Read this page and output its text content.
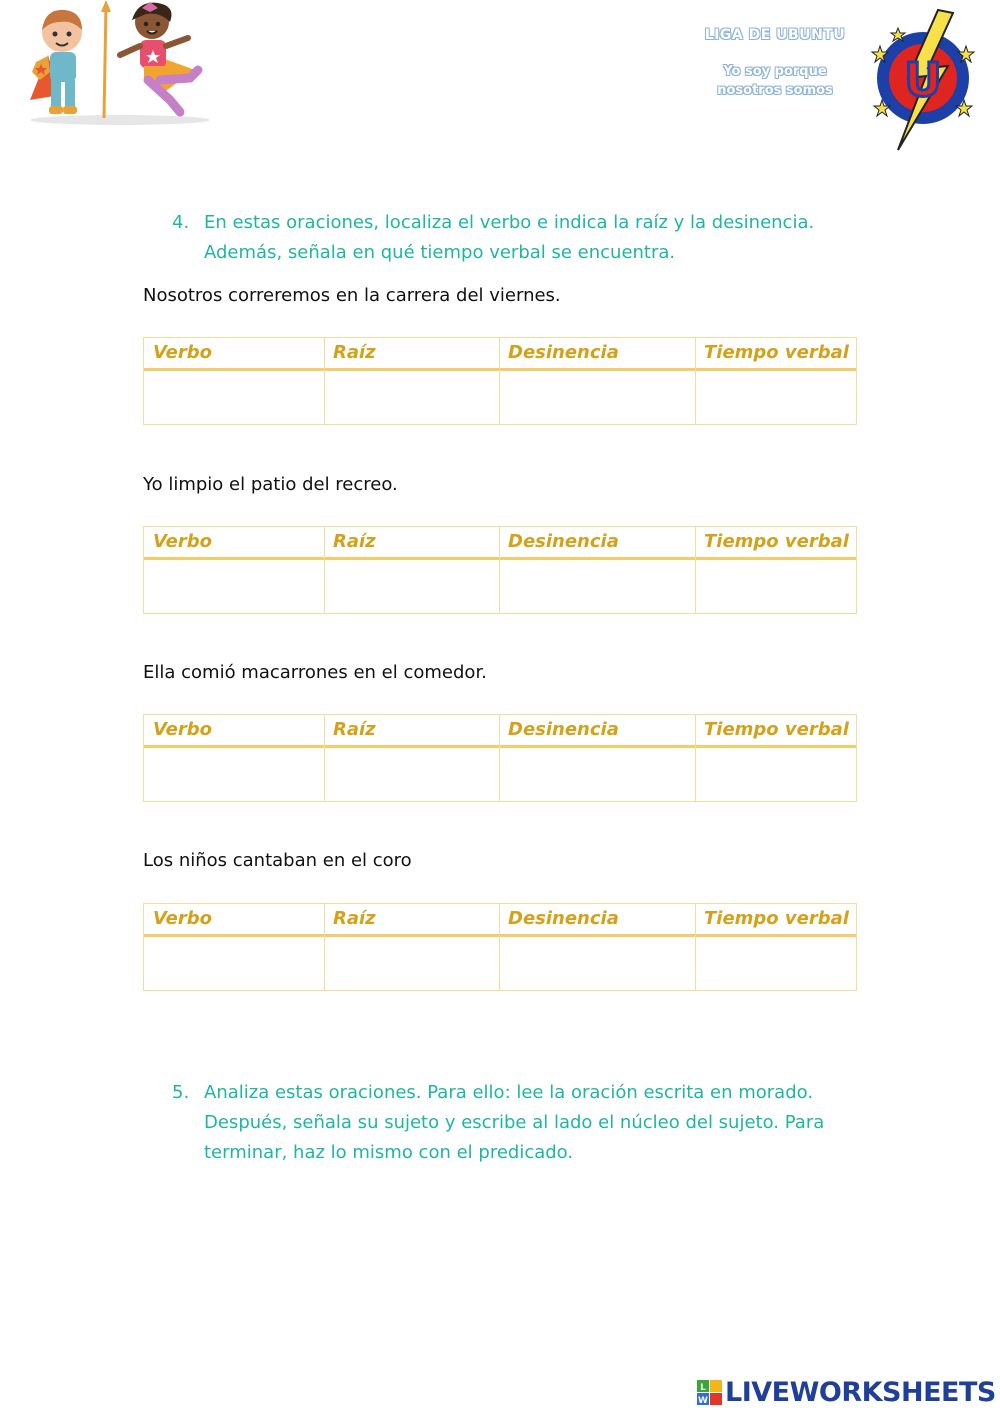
LIGA DE UBUNTU
Yo soy porque
nosotros somos	U
4. En estas oraciones, localiza el verbo e indica la raíz y la desinencia.
Además, señala en qué tiempo verbal se encuentra.
Nosotros correremos en la carrera del viernes.
Verbo	Raíz	Desinencia	Tiempo verbal
Yo limpio el patio del recreo.
Verbo	Raíz	Desinencia	Tiempo verbal
Ella comió macarrones en el comedor.
Verbo	Raíz	Desinencia	Tiempo verbal
Los niños cantaban en el coro
Verbo	Raíz	Desinencia	Tiempo verbal
5. Analiza estas oraciones. Para ello: lee la oración escrita en morado.
Después, señala su sujeto y escribe al lado el núcleo del sujeto. Para
terminar, haz lo mismo con el predicado.
L
W LIVEWORKSHEETS
